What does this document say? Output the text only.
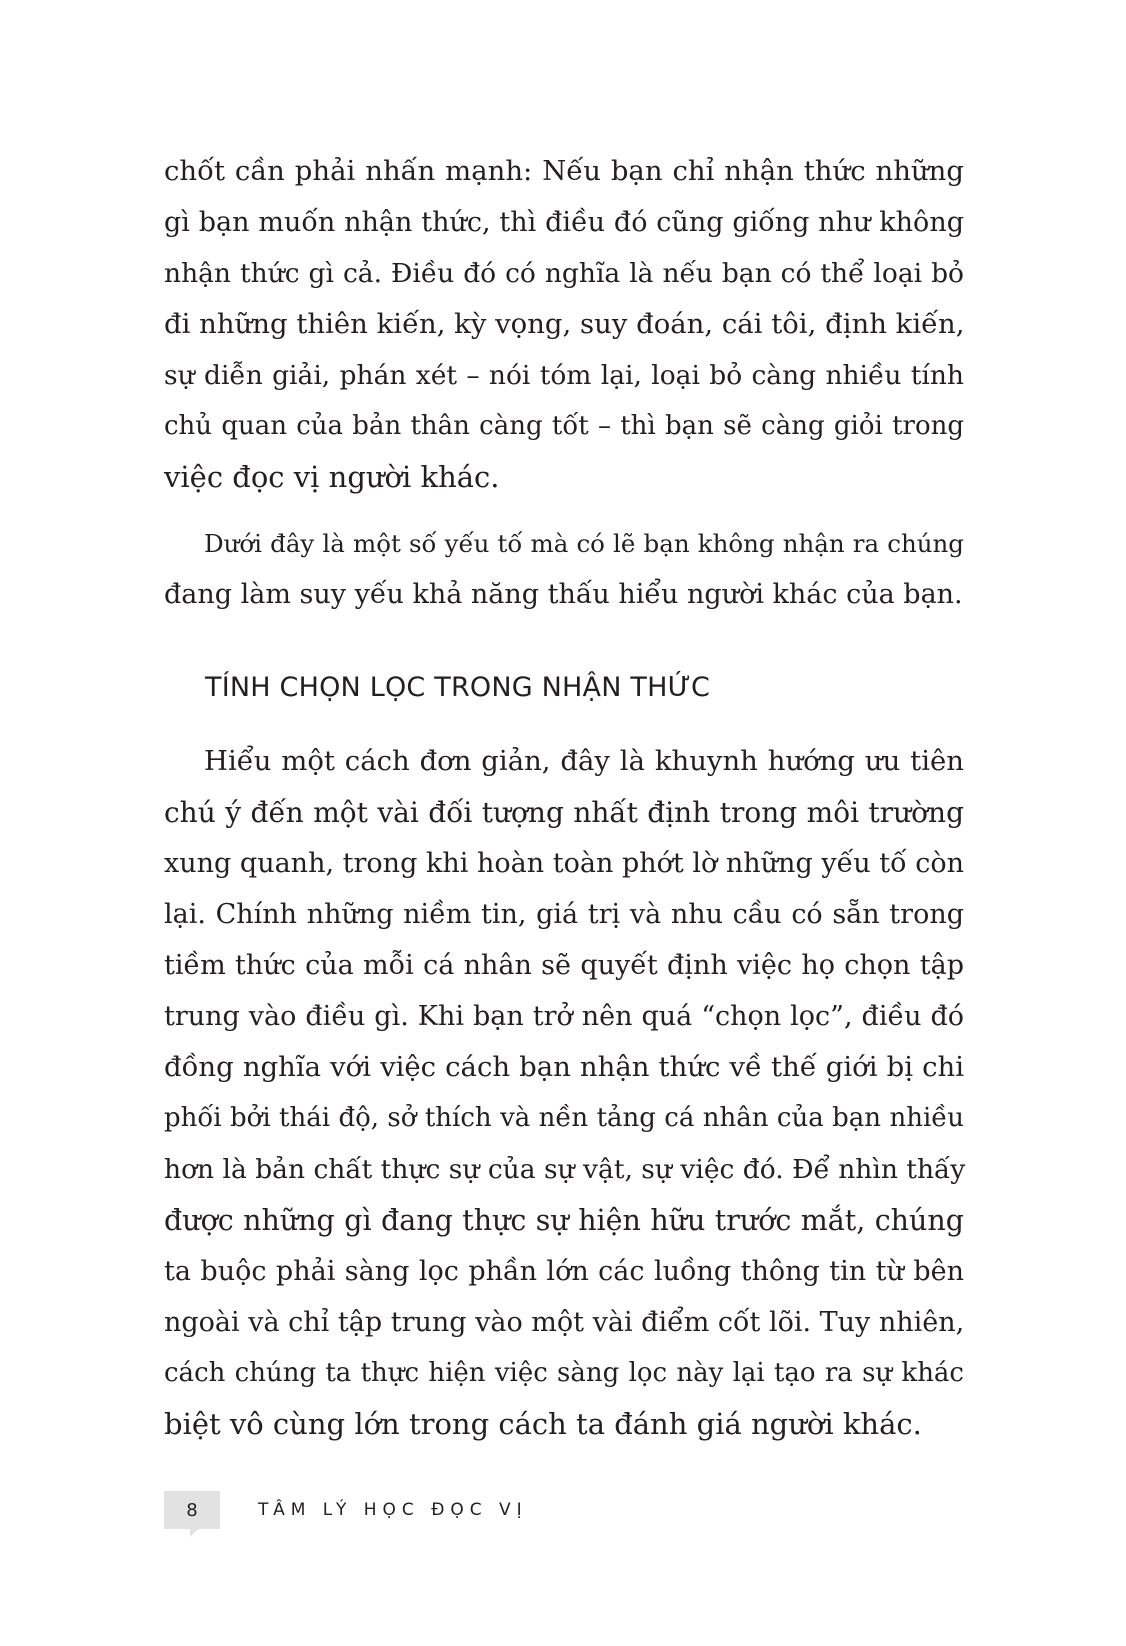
chốt cần phải nhấn mạnh: Nếu bạn chỉ nhận thức những
gì bạn muốn nhận thức, thì điều đó cũng giống như không
nhận thức gì cả. Điều đó có nghĩa là nếu bạn có thể loại bỏ
đi những thiên kiến, kỳ vọng, suy đoán, cái tôi, định kiến,
sự diễn giải, phán xét – nói tóm lại, loại bỏ càng nhiều tính
chủ quan của bản thân càng tốt – thì bạn sẽ càng giỏi trong
việc đọc vị người khác.
Dưới đây là một số yếu tố mà có lẽ bạn không nhận ra chúng
đang làm suy yếu khả năng thấu hiểu người khác của bạn.
TÍNH CHỌN LỌC TRONG NHẬN THỨC
Hiểu một cách đơn giản, đây là khuynh hướng ưu tiên
chú ý đến một vài đối tượng nhất định trong môi trường
xung quanh, trong khi hoàn toàn phớt lờ những yếu tố còn
lại. Chính những niềm tin, giá trị và nhu cầu có sẵn trong
tiềm thức của mỗi cá nhân sẽ quyết định việc họ chọn tập
trung vào điều gì. Khi bạn trở nên quá “chọn lọc”, điều đó
đồng nghĩa với việc cách bạn nhận thức về thế giới bị chi
phối bởi thái độ, sở thích và nền tảng cá nhân của bạn nhiều
hơn là bản chất thực sự của sự vật, sự việc đó. Để nhìn thấy
được những gì đang thực sự hiện hữu trước mắt, chúng
ta buộc phải sàng lọc phần lớn các luồng thông tin từ bên
ngoài và chỉ tập trung vào một vài điểm cốt lõi. Tuy nhiên,
cách chúng ta thực hiện việc sàng lọc này lại tạo ra sự khác
biệt vô cùng lớn trong cách ta đánh giá người khác.
8	TÂM LÝ HỌC ĐỌC VỊ
